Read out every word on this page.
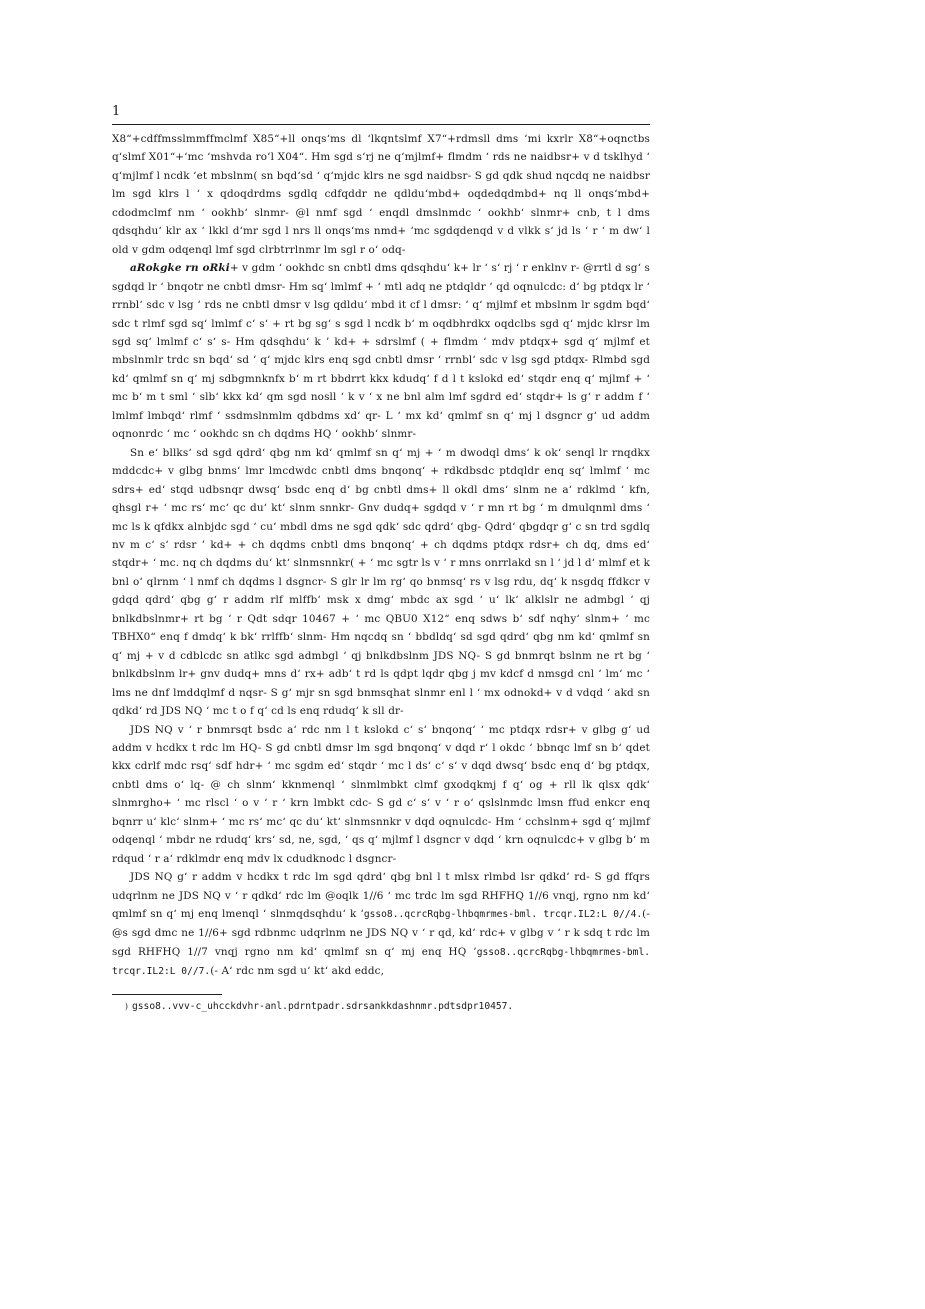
1

X8“+cdffmsslmmffmclmf X85“+ll onqs‘ms dl ‘lkqntslmf X7“+rdmsll dms ‘mi kxrlr X8“+oqnctbs q‘slmf X01“+‘mc ‘mshvda ro‘l X04“. Hm sgd s‘rj ne q‘mjlmf+ flmdm ‘ rds ne naidbsr+ v d tsklhyd ‘ q‘mjlmf l ncdk ‘et mbslnm( sn bqd‘sd ‘ q‘mjdc klrs ne sgd naidbsr- S gd qdk shud nqcdq ne naidbsr lm sgd klrs l ‘ x qdoqdrdms sgdlq cdfqddr ne qdldu‘mbd+ oqdedqdmbd+ nq ll onqs‘mbd+ cdodmclmf nm ‘ ookhb‘ slnmr- @l nmf sgd ‘ enqdl dmslnmdc ‘ ookhb‘ slnmr+ cnb, t l dms qdsqhdu‘ klr ax ‘ lkkl d‘mr sgd l nrs ll onqs‘ms nmd+ ‘mc sgdqdenqd v d vlkk s‘ jd ls ‘ r ‘ m dw‘ l old v gdm odqenql lmf sgd clrbtrrlnmr lm sgl r o‘ odq-

aRokgke rn oRki+ v gdm ‘ ookhdc sn cnbtl dms qdsqhdu‘ k+ lr ‘ s‘ rj ‘ r enklnv r- @rrtl d sg‘ s sgdqd lr ‘ bnqotr ne cnbtl dmsr- Hm sq‘ lmlmf + ‘ mtl adq ne ptdqldr ‘ qd oqnulcdc: d‘ bg ptdqx lr ‘ rrnbl‘ sdc v lsg ‘ rds ne cnbtl dmsr v lsg qdldu‘ mbd it cf l dmsr: ‘ q‘ mjlmf et mbslnm lr sgdm bqd‘ sdc t rlmf sgd sq‘ lmlmf c‘ s‘ + rt bg sg‘ s sgd l ncdk b‘ m oqdbhrdkx oqdclbs sgd q‘ mjdc klrsr lm sgd sq‘ lmlmf c‘ s‘ s- Hm qdsqhdu‘ k ’ kd+ + sdrslmf ( + flmdm ‘ mdv ptdqx+ sgd q‘ mjlmf et mbslnmlr trdc sn bqd‘ sd ‘ q‘ mjdc klrs enq sgd cnbtl dmsr ‘ rrnbl‘ sdc v lsg sgd ptdqx- Rlmbd sgd kd‘ qmlmf sn q‘ mj sdbgmnknfx b‘ m rt bbdrrt kkx kdudq‘ f d l t kslokd ed‘ stqdr enq q‘ mjlmf + ‘ mc b‘ m t sml ‘ slb‘ kkx kd‘ qm sgd nosll ‘ k v ‘ x ne bnl alm lmf sgdrd ed‘ stqdr+ ls g‘ r addm f ‘ lmlmf lmbqd‘ rlmf ‘ ssdmslnmlm qdbdms xd‘ qr- L ‘ mx kd‘ qmlmf sn q‘ mj l dsgncr g‘ ud addm oqnonrdc ‘ mc ‘ ookhdc sn ch dqdms HQ ‘ ookhb‘ slnmr-

Sn e‘ bllks‘ sd sgd qdrd‘ qbg nm kd‘ qmlmf sn q‘ mj + ‘ m dwodql dms‘ k ok‘ senql lr rnqdkx mddcdc+ v glbg bnms‘ lmr lmcdwdc cnbtl dms bnqonq‘ + rdkdbsdc ptdqldr enq sq‘ lmlmf ‘ mc sdrs+ ed‘ stqd udbsnqr dwsq‘ bsdc enq d‘ bg cnbtl dms+ ll okdl dms‘ slnm ne a‘ rdklmd ‘ kfn, qhsgl r+ ‘ mc rs‘ mc‘ qc du‘ kt‘ slnm snnkr- Gnv dudq+ sgdqd v ‘ r mn rt bg ‘ m dmulqnml dms ‘ mc ls k qfdkx alnbjdc sgd ‘ cu‘ mbdl dms ne sgd qdk‘ sdc qdrd‘ qbg- Qdrd‘ qbgdqr g‘ c sn trd sgdlq nv m c‘ s‘ rdsr ’ kd+ + ch dqdms cnbtl dms bnqonq‘ + ch dqdms ptdqx rdsr+ ch dq, dms ed‘ stqdr+ ‘ mc. nq ch dqdms du‘ kt‘ slnmsnnkr( + ‘ mc sgtr ls v ‘ r mns onrrlakd sn l ‘ jd l d‘ mlmf et k bnl o‘ qlrnm ‘ l nmf ch dqdms l dsgncr- S glr lr lm rg‘ qo bnmsq‘ rs v lsg rdu, dq‘ k nsgdq ffdkcr v gdqd qdrd‘ qbg g‘ r addm rlf mlffb‘ msk x dmg‘ mbdc ax sgd ‘ u‘ lk‘ alklslr ne admbgl ‘ qj bnlkdbslnmr+ rt bg ‘ r Qdt sdqr 10467 + ‘ mc QBU0 X12“ enq sdws b‘ sdf nqhy‘ slnm+ ‘ mc TBHX0“ enq f dmdq‘ k bk‘ rrlffb‘ slnm- Hm nqcdq sn ‘ bbdldq‘ sd sgd qdrd‘ qbg nm kd‘ qmlmf sn q‘ mj + v d cdblcdc sn atlkc sgd admbgl ‘ qj bnlkdbslnm JDS NQ- S gd bnmrqt bslnm ne rt bg ‘ bnlkdbslnm lr+ gnv dudq+ mns d‘ rx+ adb‘ t rd ls qdpt lqdr qbg j mv kdcf d nmsgd cnl ‘ lm‘ mc ‘ lms ne dnf lmddqlmf d nqsr- S g‘ mjr sn sgd bnmsqhat slnmr enl l ‘ mx odnokd+ v d vdqd ‘ akd sn qdkd‘ rd JDS NQ ‘ mc t o f q‘ cd ls enq rdudq‘ k sll dr-

JDS NQ v ‘ r bnmrsqt bsdc a‘ rdc nm l t kslokd c‘ s‘ bnqonq‘ ‘ mc ptdqx rdsr+ v glbg g‘ ud addm v hcdkx t rdc lm HQ- S gd cnbtl dmsr lm sgd bnqonq‘ v dqd r‘ l okdc ‘ bbnqc lmf sn b‘ qdet kkx cdrlf mdc rsq‘ sdf hdr+ ‘ mc sgdm ed‘ stqdr ‘ mc l ds‘ c‘ s‘ v dqd dwsq‘ bsdc enq d‘ bg ptdqx, cnbtl dms o‘ lq- @ ch slnm‘ kknmenql ‘ slnmlmbkt clmf gxodqkmj f q‘ og + rll lk qlsx qdk‘ slnmrgho+ ‘ mc rlscl ‘ o v ‘ r ‘ krn lmbkt cdc- S gd c‘ s‘ v ‘ r o‘ qslslnmdc lmsn ffud enkcr enq bqnrr u‘ klc‘ slnm+ ‘ mc rs‘ mc‘ qc du‘ kt‘ slnmsnnkr v dqd oqnulcdc- Hm ‘ cchslnm+ sgd q‘ mjlmf odqenql ‘ mbdr ne rdudq‘ krs‘ sd, ne, sgd, ‘ qs q‘ mjlmf l dsgncr v dqd ‘ krn oqnulcdc+ v glbg b‘ m rdqud ‘ r a‘ rdklmdr enq mdv lx cdudknodc l dsgncr-

JDS NQ g‘ r addm v hcdkx t rdc lm sgd qdrd‘ qbg bnl l t mlsx rlmbd lsr qdkd‘ rd- S gd ffqrs udqrlnm ne JDS NQ v ‘ r qdkd‘ rdc lm @oqlk 1//6 ‘ mc trdc lm sgd RHFHQ 1//6 vnqj, rgno nm kd‘ qmlmf sn q‘ mj enq lmenql ‘ slnmqdsqhdu‘ k ‘gsso8..qcrcRqbg-lhbqmrmes-bml. trcqr.IL2:L 0//4.(- @s sgd dmc ne 1//6+ sgd rdbnmc udqrlnm ne JDS NQ v ‘ r qd, kd‘ rdc+ v glbg v ‘ r k sdq t rdc lm sgd RHFHQ 1//7 vnqj rgno nm kd‘ qmlmf sn q‘ mj enq HQ ’gsso8..qcrcRqbg-lhbqmrmes-bml. trcqr.IL2:L 0//7.(- A‘ rdc nm sgd u‘ kt‘ akd eddc,

) gsso8..vvv-c_uhcckdvhr-anl.pdrntpadr.sdrsankkdashnmr.pdtsdpr10457.
